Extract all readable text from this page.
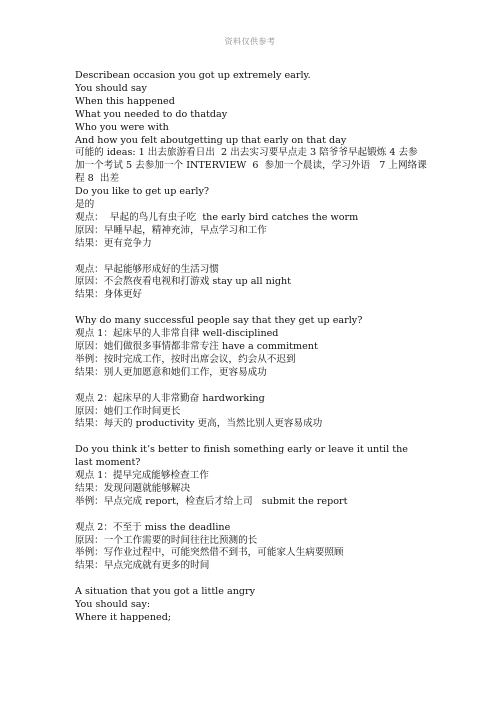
资料仅供参考
Describean occasion you got up extremely early.
You should say
When this happened
What you needed to do thatday
Who you were with
And how you felt aboutgetting up that early on that day
可能的 ideas: 1 出去旅游看日出  2 出去实习要早点走 3 陪爷爷早起锻炼 4 去参加一个考试 5 去参加一个 INTERVIEW  6  参加一个晨读，学习外语   7 上网络课程 8  出差
Do you like to get up early?
是的
观点：  早起的鸟儿有虫子吃  the early bird catches the worm
原因：早睡早起，精神充沛，早点学习和工作
结果：更有竞争力
观点：早起能够形成好的生活习惯
原因：不会熬夜看电视和打游戏 stay up all night
结果：身体更好
Why do many successful people say that they get up early?
观点 1：起床早的人非常自律 well-disciplined
原因：她们做很多事情都非常专注 have a commitment
举例：按时完成工作，按时出席会议，约会从不迟到
结果：别人更加愿意和她们工作，更容易成功
观点 2：起床早的人非常勤奋 hardworking
原因：她们工作时间更长
结果：每天的 productivity 更高，当然比别人更容易成功
Do you think it’s better to finish something early or leave it until the last moment?
观点 1：提早完成能够检查工作
结果：发现问题就能够解决
举例：早点完成 report，检查后才给上司   submit the report
观点 2：不至于 miss the deadline
原因：一个工作需要的时间往往比预测的长
举例：写作业过程中，可能突然借不到书，可能家人生病要照顾
结果：早点完成就有更多的时间
A situation that you got a little angry
You should say:
Where it happened;
